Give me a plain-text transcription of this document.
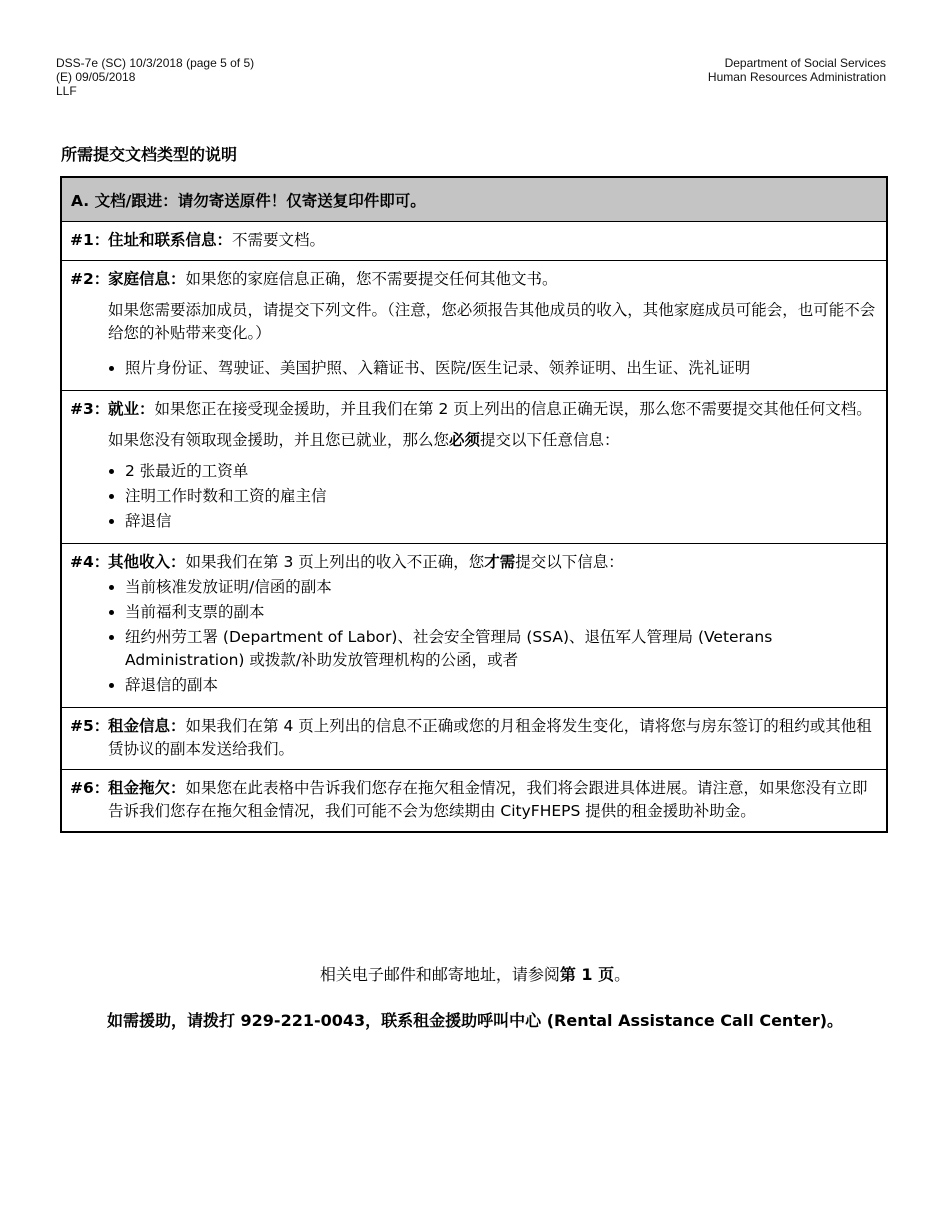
DSS-7e (SC) 10/3/2018 (page 5 of 5)
(E) 09/05/2018
LLF
Department of Social Services
Human Resources Administration
所需提交文档类型的说明
A. 文档/跟进：请勿寄送原件！仅寄送复印件即可。
#1：
住址和联系信息：不需要文档。
#2：
家庭信息：如果您的家庭信息正确，您不需要提交任何其他文书。
如果您需要添加成员，请提交下列文件。（注意，您必须报告其他成员的收入，其他家庭成员可能会，也可能不会给您的补贴带来变化。）
• 照片身份证、驾驶证、美国护照、入籍证书、医院/医生记录、领养证明、出生证、洗礼证明
#3：
就业：如果您正在接受现金援助，并且我们在第 2 页上列出的信息正确无误，那么您不需要提交其他任何文档。
如果您没有领取现金援助，并且您已就业，那么您必须提交以下任意信息：
• 2 张最近的工资单
• 注明工作时数和工资的雇主信
• 辞退信
#4：
其他收入：如果我们在第 3 页上列出的收入不正确，您才需提交以下信息：
• 当前核准发放证明/信函的副本
• 当前福利支票的副本
• 纽约州劳工署 (Department of Labor)、社会安全管理局 (SSA)、退伍军人管理局 (Veterans Administration) 或拨款/补助发放管理机构的公函，或者
• 辞退信的副本
#5：
租金信息：如果我们在第 4 页上列出的信息不正确或您的月租金将发生变化，请将您与房东签订的租约或其他租赁协议的副本发送给我们。
#6：
租金拖欠：如果您在此表格中告诉我们您存在拖欠租金情况，我们将会跟进具体进展。请注意，如果您没有立即告诉我们您存在拖欠租金情况，我们可能不会为您续期由 CityFHEPS 提供的租金援助补助金。
相关电子邮件和邮寄地址，请参阅第 1 页。
如需援助，请拨打 929-221-0043，联系租金援助呼叫中心 (Rental Assistance Call Center)。
